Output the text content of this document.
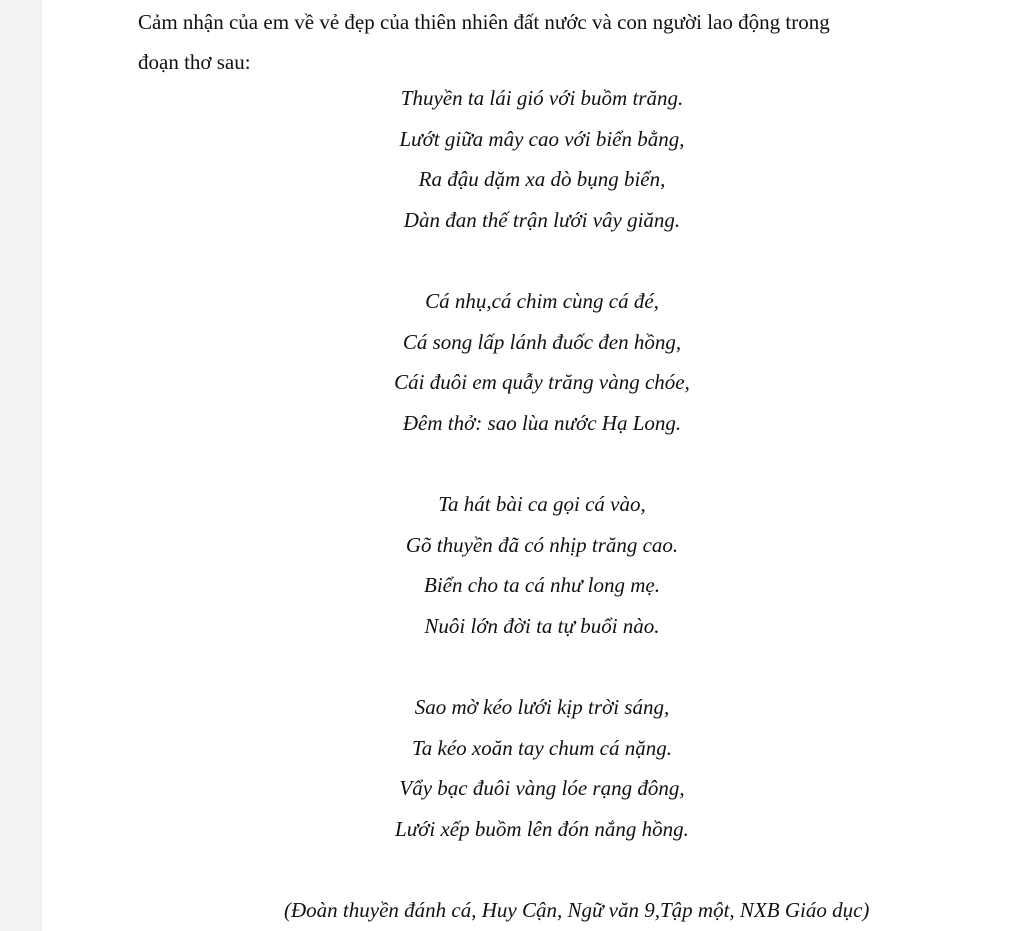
Cảm nhận của em về vẻ đẹp của thiên nhiên đất nước và con người lao động trong
đoạn thơ sau:
Thuyền ta lái gió với buồm trăng.
Lướt giữa mây cao với biển bằng,
Ra đậu dặm xa dò bụng biển,
Dàn đan thế trận lưới vây giăng.
Cá nhụ,cá chim cùng cá đé,
Cá song lấp lánh đuốc đen hồng,
Cái đuôi em quẫy trăng vàng chóe,
Đêm thở: sao lùa nước Hạ Long.
Ta hát bài ca gọi cá vào,
Gõ thuyền đã có nhịp trăng cao.
Biển cho ta cá như long mẹ.
Nuôi lớn đời ta tự buổi nào.
Sao mờ kéo lưới kịp trời sáng,
Ta kéo xoăn tay chum cá nặng.
Vẩy bạc đuôi vàng lóe rạng đông,
Lưới xếp buồm lên đón nắng hồng.
(Đoàn thuyền đánh cá, Huy Cận, Ngữ văn 9,Tập một, NXB Giáo dục)
